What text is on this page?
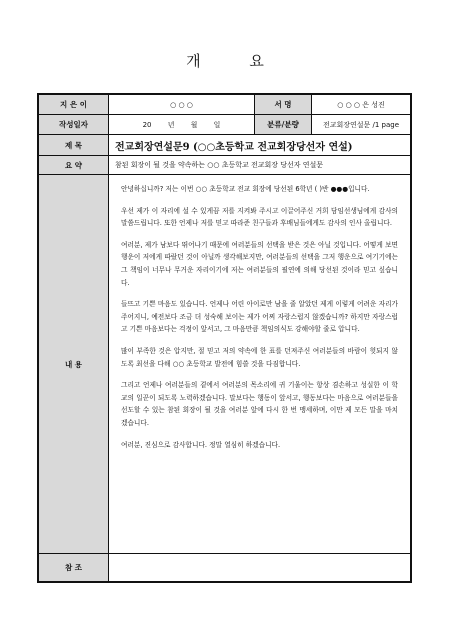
개 요
지 은 이	○ ○ ○	서 명	○ ○ ○ 은 성진
작성일자	20 년 월 일	분류/분량	전교회장연설문 /1 page
제 목	전교회장연설문9 (○○초등학교 전교회장당선자 연설)
요 약	참된 회장이 될 것을 약속하는 ○○ 초등학교 전교회장 당선자 연설문
내 용

안녕하십니까? 저는 이번 ○○ 초등학교 전교 회장에 당선된 6학년 ( )반 ●●●입니다.

우선 제가 이 자리에 설 수 있게끔 저를 지켜봐 주시고 이끌어주신 거희 담임선생님에게 감사의 말씀드립니다. 또한 언제나 저를 믿고 따라준 친구들과 후배님들에게도 감사의 인사 올립니다.

여러분, 제가 남보다 뛰어나기 때문에 여러분들의 선택을 받은 것은 아닐 것입니다. 어떻게 보면 행운이 저에게 따랐던 것이 아닐까 생각해보지만, 여러분들의 선택을 그저 행운으로 여기기에는 그 책임이 너무나 무거운 자리이기에 저는 여러분들의 필연에 의해 당선된 것이라 믿고 싶습니다.

들뜨고 기쁜 마음도 있습니다. 언제나 어린 아이로만 남을 줄 알았던 제게 이렇게 어려운 자리가 주어지니, 예전보다 조금 더 성숙해 보이는 제가 어찌 자랑스럽지 않겠습니까? 하지만 자랑스럽고 기쁜 마음보다는 걱정이 앞서고, 그 마음만큼 책임의식도 강해야할 줄로 압니다.

많이 부족한 것은 압지만, 절 믿고 저의 약속에 한 표를 던져주신 여러분들의 바람이 헛되지 않도록 최선을 다해 ○○ 초등학교 발전에 힘쓸 것을 다짐합니다.

그리고 언제나 여러분들의 곁에서 여러분의 목소리에 귀 기울이는 항상 겸손하고 성실한 이 학교의 일꾼이 되도록 노력하겠습니다. 말보다는 행동이 앞서고, 행동보다는 마음으로 여러분들을 선도할 수 있는 참된 회장이 될 것을 여러분 앞에 다시 한 번 맹세하며, 이만 제 모든 말을 마치겠습니다.

여러분, 진심으로 감사합니다. 정말 열심히 하겠습니다.

참 조
